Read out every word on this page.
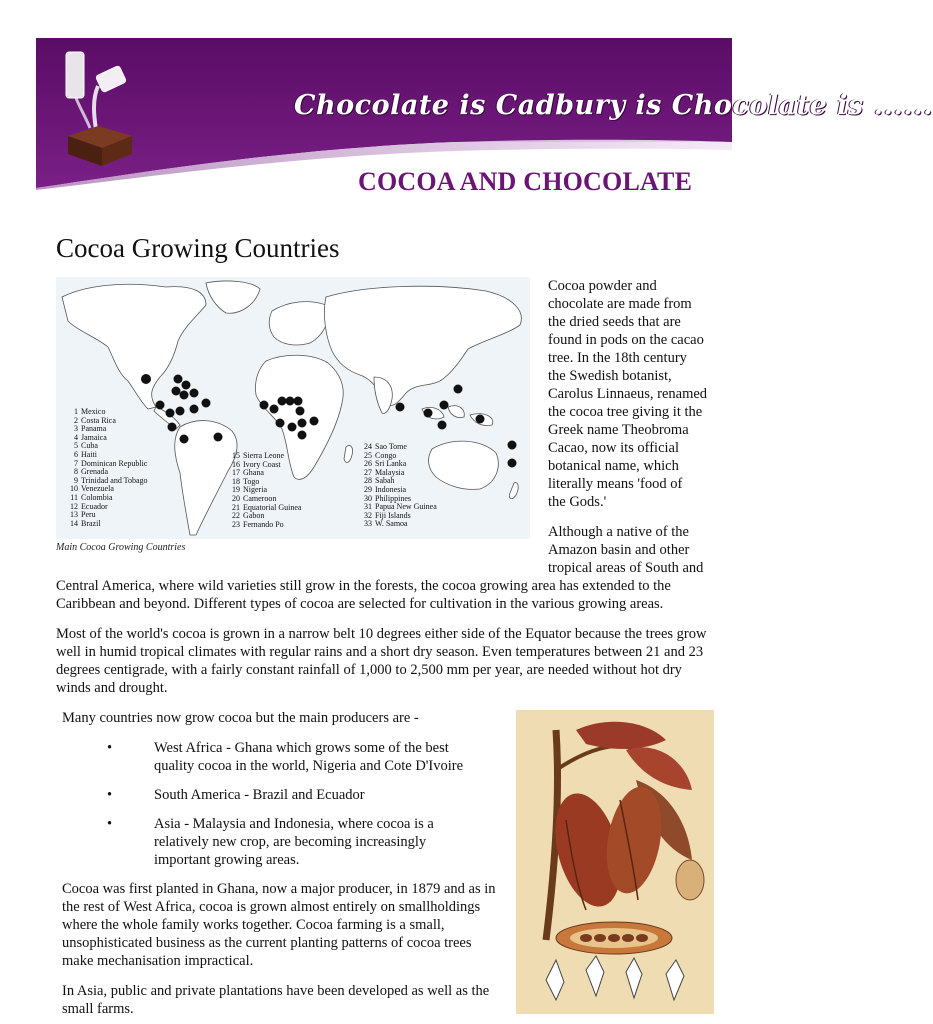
Chocolate is Cadbury is Chocolate is ......
COCOA AND CHOCOLATE
Cocoa Growing Countries
1 Mexico
2 Costa Rica
3 Panama
4 Jamaica
5 Cuba
6 Haiti
7 Dominican Republic
8 Grenada
9 Trinidad and Tobago
10 Venezuela
11 Colombia
12 Ecuador
13 Peru
14 Brazil
15 Sierra Leone
16 Ivory Coast
17 Ghana
18 Togo
19 Nigeria
20 Cameroon
21 Equatorial Guinea
22 Gabon
23 Fernando Po
24 Sao Tome
25 Congo
26 Sri Lanka
27 Malaysia
28 Sabah
29 Indonesia
30 Philippines
31 Papua New Guinea
32 Fiji Islands
33 W. Samoa
Main Cocoa Growing Countries
Cocoa powder and
chocolate are made from
the dried seeds that are
found in pods on the cacao
tree. In the 18th century
the Swedish botanist,
Carolus Linnaeus, renamed
the cocoa tree giving it the
Greek name Theobroma
Cacao, now its official
botanical name, which
literally means 'food of
the Gods.'
Although a native of the
Amazon basin and other
tropical areas of South and

Central America, where wild varieties still grow in the forests, the cocoa growing area has extended to the Caribbean and beyond. Different types of cocoa are selected for cultivation in the various growing areas.

Most of the world's cocoa is grown in a narrow belt 10 degrees either side of the Equator because the trees grow well in humid tropical climates with regular rains and a short dry season. Even temperatures between 21 and 23 degrees centigrade, with a fairly constant rainfall of 1,000 to 2,500 mm per year, are needed without hot dry winds and drought.

Many countries now grow cocoa but the main producers are -

•	West Africa - Ghana which grows some of the best quality cocoa in the world, Nigeria and Cote D'Ivoire
•	South America - Brazil and Ecuador
•	Asia - Malaysia and Indonesia, where cocoa is a relatively new crop, are becoming increasingly important growing areas.

Cocoa was first planted in Ghana, now a major producer, in 1879 and as in the rest of West Africa, cocoa is grown almost entirely on smallholdings where the whole family works together. Cocoa farming is a small, unsophisticated business as the current planting patterns of cocoa trees make mechanisation impractical.

In Asia, public and private plantations have been developed as well as the small farms.
